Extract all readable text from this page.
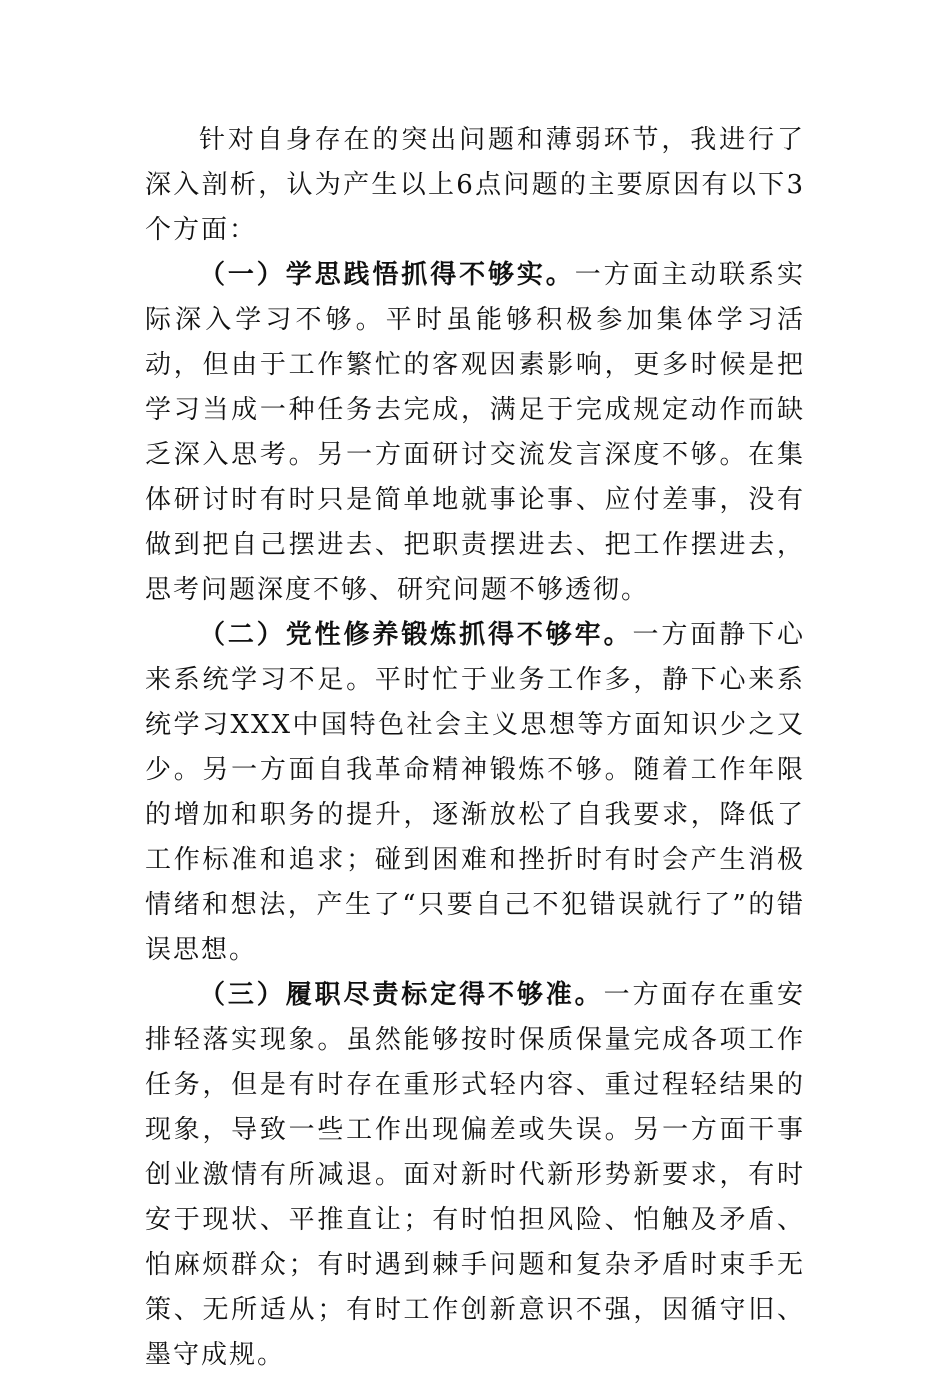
针对自身存在的突出问题和薄弱环节，我进行了深入剖析，认为产生以上6点问题的主要原因有以下3个方面：

（一）学思践悟抓得不够实。一方面主动联系实际深入学习不够。平时虽能够积极参加集体学习活动，但由于工作繁忙的客观因素影响，更多时候是把学习当成一种任务去完成，满足于完成规定动作而缺乏深入思考。另一方面研讨交流发言深度不够。在集体研讨时有时只是简单地就事论事、应付差事，没有做到把自己摆进去、把职责摆进去、把工作摆进去，思考问题深度不够、研究问题不够透彻。

（二）党性修养锻炼抓得不够牢。一方面静下心来系统学习不足。平时忙于业务工作多，静下心来系统学习XXX中国特色社会主义思想等方面知识少之又少。另一方面自我革命精神锻炼不够。随着工作年限的增加和职务的提升，逐渐放松了自我要求，降低了工作标准和追求；碰到困难和挫折时有时会产生消极情绪和想法，产生了“只要自己不犯错误就行了”的错误思想。

（三）履职尽责标定得不够准。一方面存在重安排轻落实现象。虽然能够按时保质保量完成各项工作任务，但是有时存在重形式轻内容、重过程轻结果的现象，导致一些工作出现偏差或失误。另一方面干事创业激情有所减退。面对新时代新形势新要求，有时安于现状、平推直让；有时怕担风险、怕触及矛盾、怕麻烦群众；有时遇到棘手问题和复杂矛盾时束手无策、无所适从；有时工作创新意识不强，因循守旧、墨守成规。
